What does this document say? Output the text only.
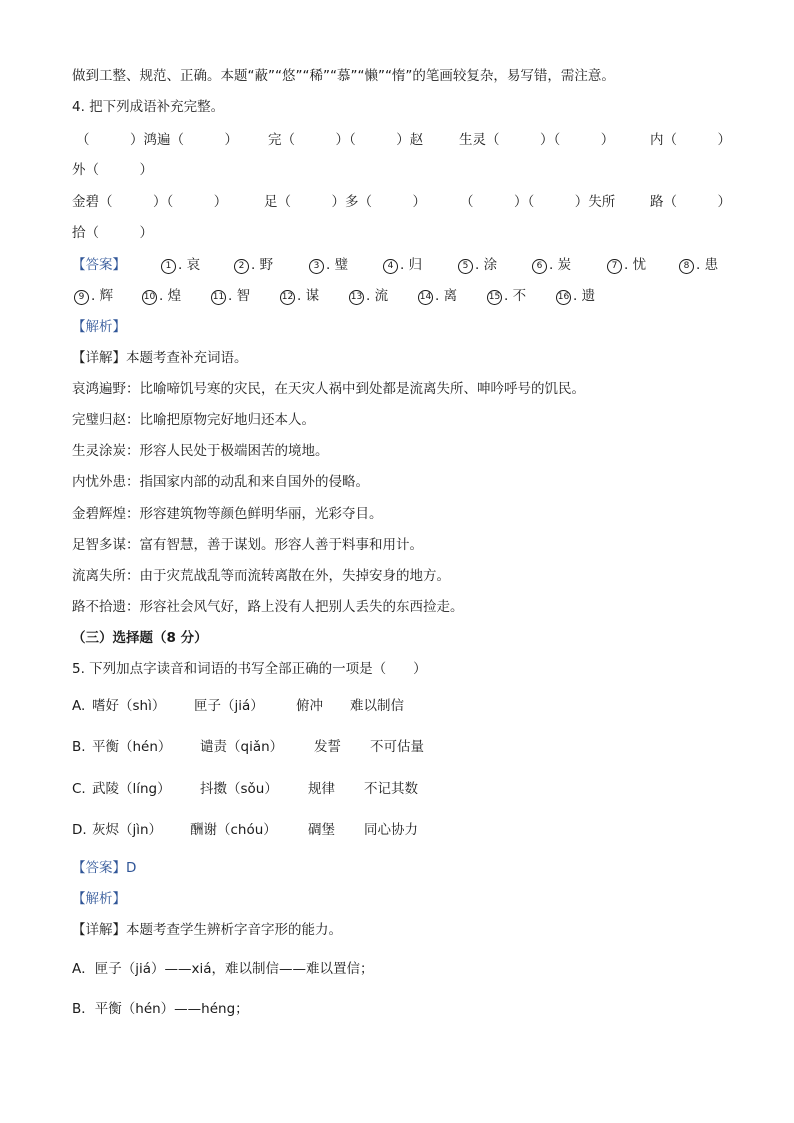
做到工整、规范、正确。本题“蔽”“悠”“稀”“慕”“懒”“惰”的笔画较复杂，易写错，需注意。
4. 把下列成语补充完整。
（　　　）鸿遍（　　　） 完（　　　）（　　　）赵	生灵（　　　）（　　　）	内（　　　）
外（　　　）
金碧（　　　）（　　　）	足（　　　）多（　　　）	（　　　）（　　　）失所	路（　　　）
拾（　　　）
【答案】	1 . 哀	2 . 野	3 . 璧	4 . 归	5 . 涂	6 . 炭	7 . 忧	8 . 患
9 . 辉	10 . 煌	11 . 智	12 . 谋	13 . 流	14 . 离	15 . 不	16 . 遗
【解析】
【详解】本题考查补充词语。
哀鸿遍野：比喻啼饥号寒的灾民，在天灾人祸中到处都是流离失所、呻吟呼号的饥民。
完璧归赵：比喻把原物完好地归还本人。
生灵涂炭：形容人民处于极端困苦的境地。
内忧外患：指国家内部的动乱和来自国外的侵略。
金碧辉煌：形容建筑物等颜色鲜明华丽，光彩夺目。
足智多谋：富有智慧，善于谋划。形容人善于料事和用计。
流离失所：由于灾荒战乱等而流转离散在外，失掉安身的地方。
路不拾遗：形容社会风气好，路上没有人把别人丢失的东西捡走。
（三）选择题（8 分）
5. 下列加点字读音和词语的书写全部正确的一项是（　　）
A. 嗜好（shì） 匣子（jiá） 俯冲 难以制信
B. 平衡（hén） 谴责（qiǎn） 发誓 不可估量
C. 武陵（líng） 抖擞（sǒu） 规律 不记其数
D. 灰烬（jìn） 酬谢（chóu） 碉堡 同心协力
【答案】D
【解析】
【详解】本题考查学生辨析字音字形的能力。
A．匣子（jiá）——xiá，难以制信——难以置信；
B．平衡（hén）——héng；
